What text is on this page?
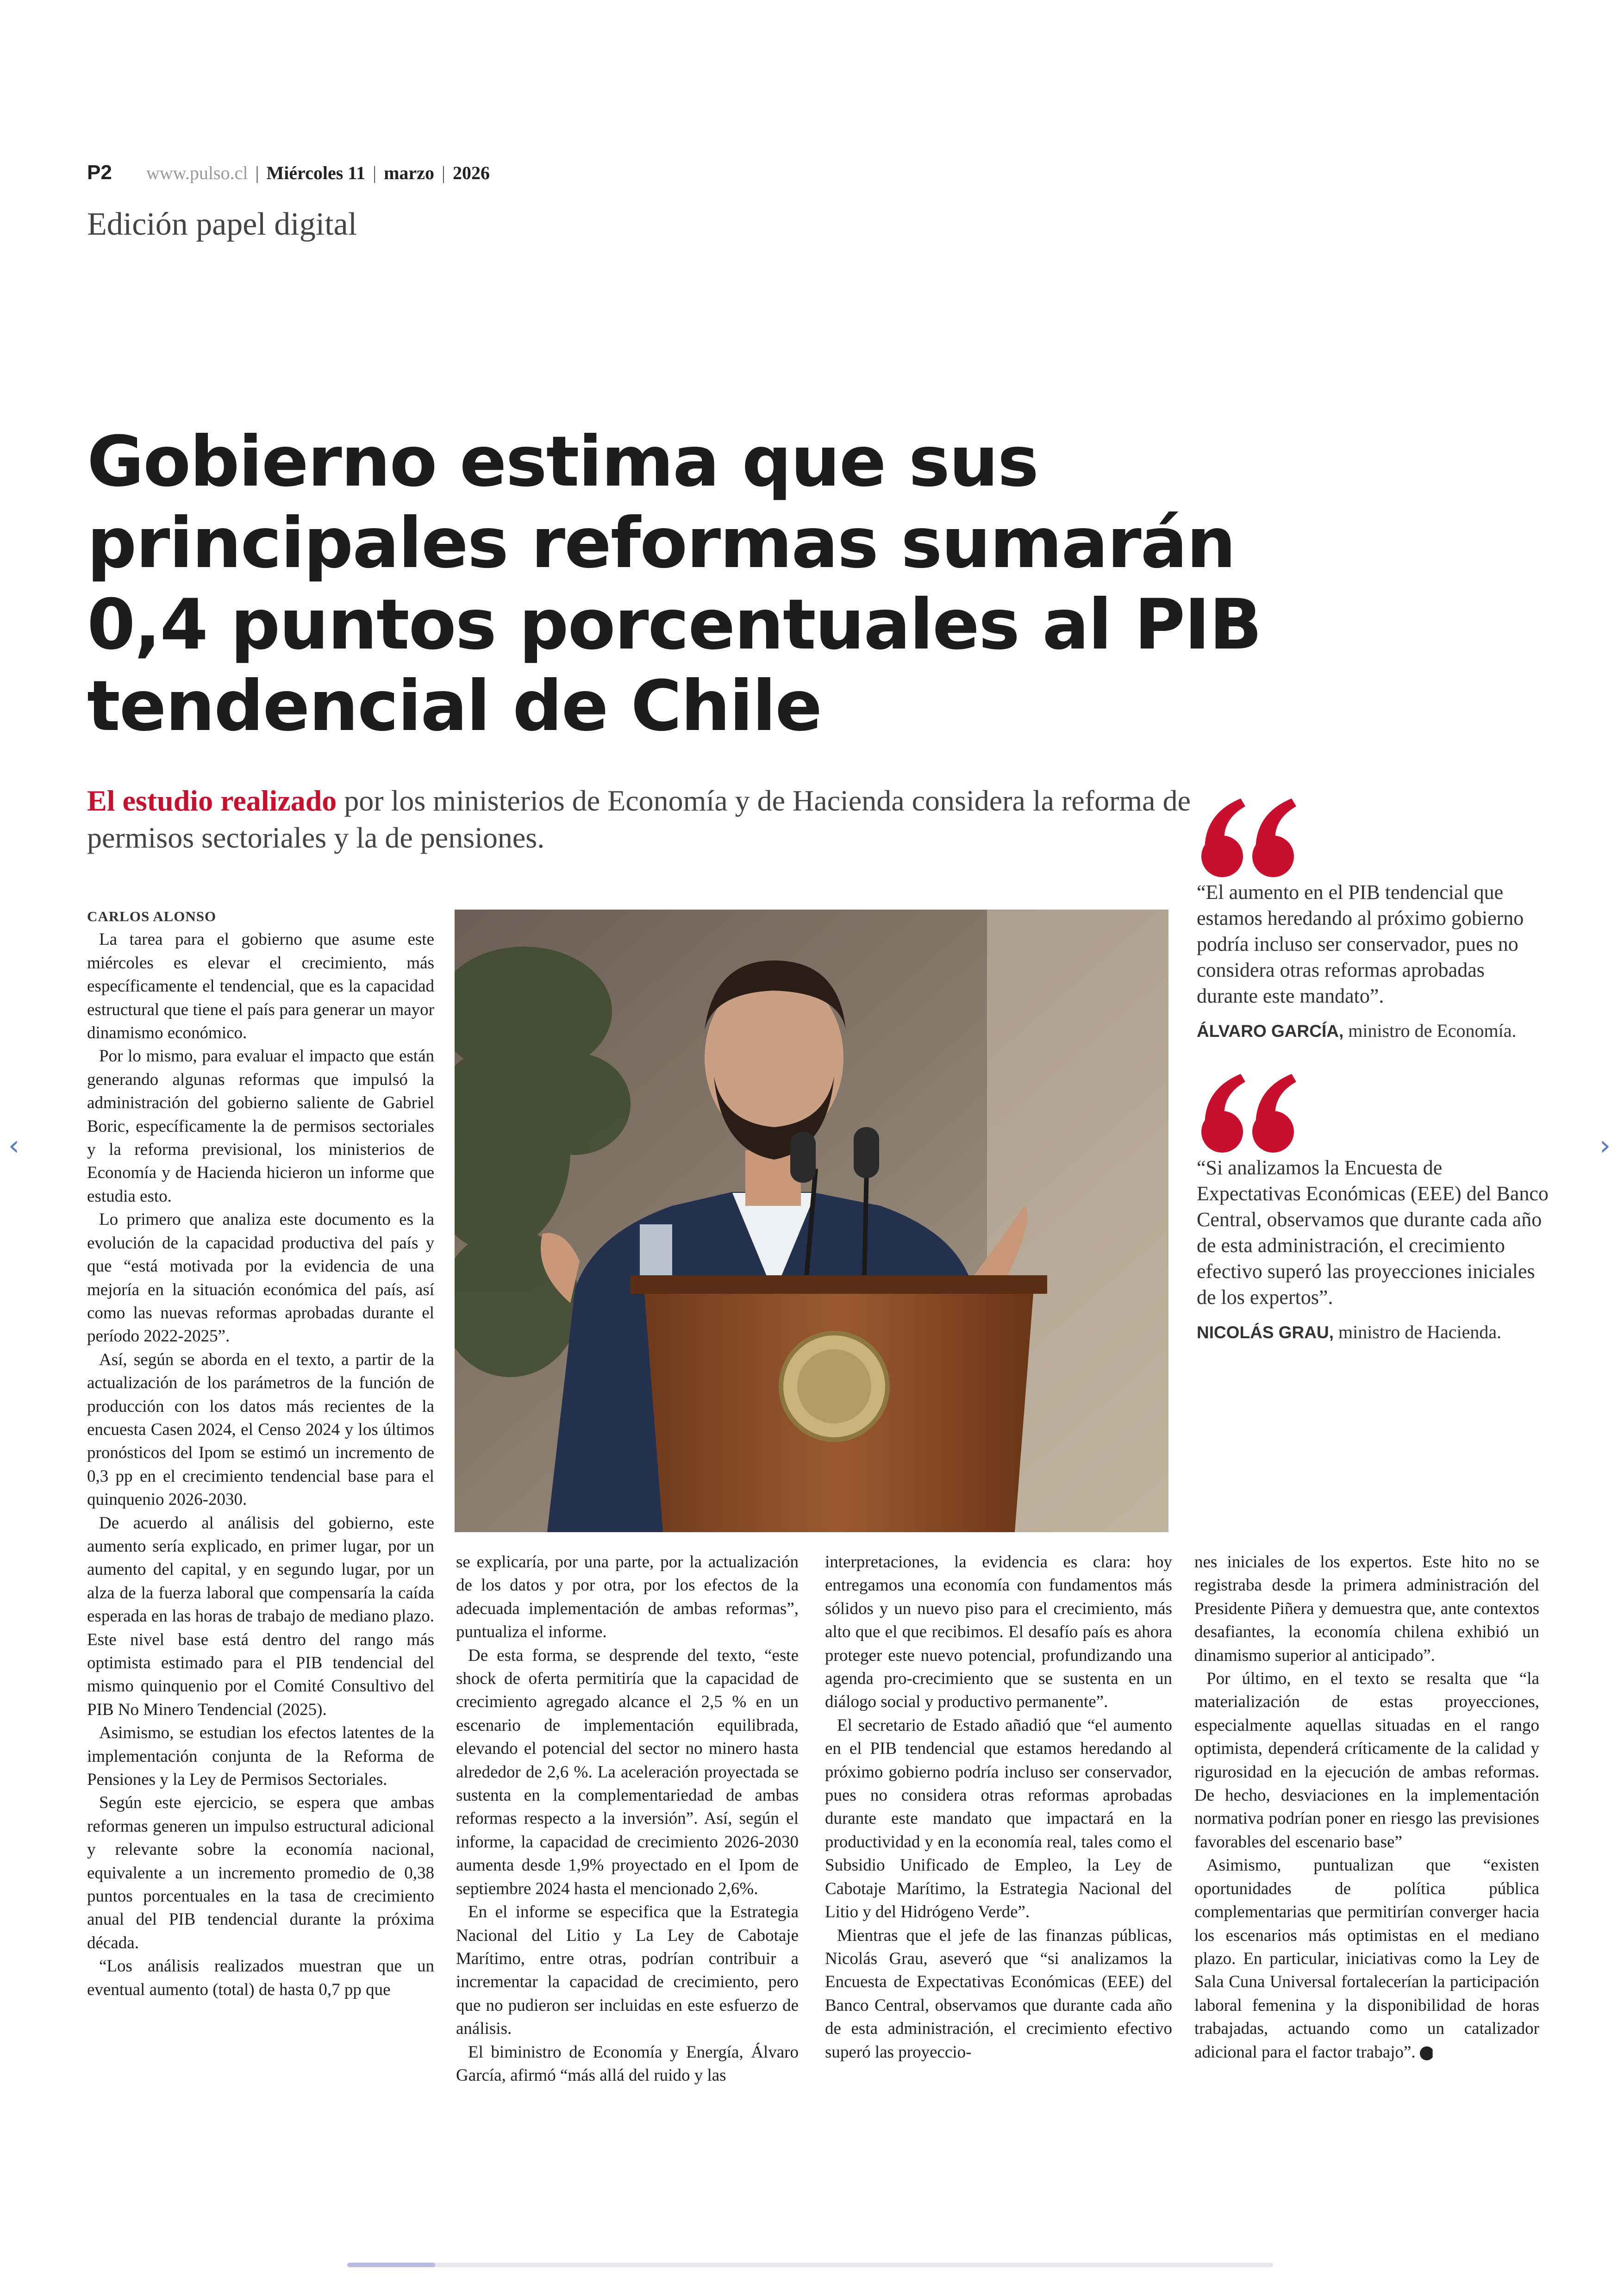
P2 www.pulso.cl | Miércoles 11 | marzo | 2026
Edición papel digital
Gobierno estima que sus
principales reformas sumarán
0,4 puntos porcentuales al PIB
tendencial de Chile
El estudio realizado por los ministerios de Economía y de Hacienda considera la reforma de permisos sectoriales y la de pensiones.

CARLOS ALONSO

La tarea para el gobierno que asume este miércoles es elevar el crecimiento, más específicamente el tendencial, que es la capacidad estructural que tiene el país para generar un mayor dinamismo económico.

Por lo mismo, para evaluar el impacto que están generando algunas reformas que impulsó la administración del gobierno saliente de Gabriel Boric, específicamente la de permisos sectoriales y la reforma previsional, los ministerios de Economía y de Hacienda hicieron un informe que estudia esto.

Lo primero que analiza este documento es la evolución de la capacidad productiva del país y que “está motivada por la evidencia de una mejoría en la situación económica del país, así como las nuevas reformas aprobadas durante el período 2022-2025”.

Así, según se aborda en el texto, a partir de la actualización de los parámetros de la función de producción con los datos más recientes de la encuesta Casen 2024, el Censo 2024 y los últimos pronósticos del Ipom se estimó un incremento de 0,3 pp en el crecimiento tendencial base para el quinquenio 2026-2030.

De acuerdo al análisis del gobierno, este aumento sería explicado, en primer lugar, por un aumento del capital, y en segundo lugar, por un alza de la fuerza laboral que compensaría la caída esperada en las horas de trabajo de mediano plazo. Este nivel base está dentro del rango más optimista estimado para el PIB tendencial del mismo quinquenio por el Comité Consultivo del PIB No Minero Tendencial (2025).

Asimismo, se estudian los efectos latentes de la implementación conjunta de la Reforma de Pensiones y la Ley de Permisos Sectoriales.

Según este ejercicio, se espera que ambas reformas generen un impulso estructural adicional y relevante sobre la economía nacional, equivalente a un incremento promedio de 0,38 puntos porcentuales en la tasa de crecimiento anual del PIB tendencial durante la próxima década.

“Los análisis realizados muestran que un eventual aumento (total) de hasta 0,7 pp que

se explicaría, por una parte, por la actualización de los datos y por otra, por los efectos de la adecuada implementación de ambas reformas”, puntualiza el informe.

De esta forma, se desprende del texto, “este shock de oferta permitiría que la capacidad de crecimiento agregado alcance el 2,5 % en un escenario de implementación equilibrada, elevando el potencial del sector no minero hasta alrededor de 2,6 %. La aceleración proyectada se sustenta en la complementariedad de ambas reformas respecto a la inversión”. Así, según el informe, la capacidad de crecimiento 2026-2030 aumenta desde 1,9% proyectado en el Ipom de septiembre 2024 hasta el mencionado 2,6%.

En el informe se especifica que la Estrategia Nacional del Litio y La Ley de Cabotaje Marítimo, entre otras, podrían contribuir a incrementar la capacidad de crecimiento, pero que no pudieron ser incluidas en este esfuerzo de análisis.

El biministro de Economía y Energía, Álvaro García, afirmó “más allá del ruido y las

interpretaciones, la evidencia es clara: hoy entregamos una economía con fundamentos más sólidos y un nuevo piso para el crecimiento, más alto que el que recibimos. El desafío país es ahora proteger este nuevo potencial, profundizando una agenda pro-crecimiento que se sustenta en un diálogo social y productivo permanente”.

El secretario de Estado añadió que “el aumento en el PIB tendencial que estamos heredando al próximo gobierno podría incluso ser conservador, pues no considera otras reformas aprobadas durante este mandato que impactará en la productividad y en la economía real, tales como el Subsidio Unificado de Empleo, la Ley de Cabotaje Marítimo, la Estrategia Nacional del Litio y del Hidrógeno Verde”.

Mientras que el jefe de las finanzas públicas, Nicolás Grau, aseveró que “si analizamos la Encuesta de Expectativas Económicas (EEE) del Banco Central, observamos que durante cada año de esta administración, el crecimiento efectivo superó las proyeccio-

nes iniciales de los expertos. Este hito no se registraba desde la primera administración del Presidente Piñera y demuestra que, ante contextos desafiantes, la economía chilena exhibió un dinamismo superior al anticipado”.

Por último, en el texto se resalta que “la materialización de estas proyecciones, especialmente aquellas situadas en el rango optimista, dependerá críticamente de la calidad y rigurosidad en la ejecución de ambas reformas. De hecho, desviaciones en la implementación normativa podrían poner en riesgo las previsiones favorables del escenario base”

Asimismo, puntualizan que “existen oportunidades de política pública complementarias que permitirían converger hacia los escenarios más optimistas en el mediano plazo. En particular, iniciativas como la Ley de Sala Cuna Universal fortalecerían la participación laboral femenina y la disponibilidad de horas trabajadas, actuando como un catalizador adicional para el factor trabajo”. P

“El aumento en el PIB tendencial que estamos heredando al próximo gobierno podría incluso ser conservador, pues no considera otras reformas aprobadas durante este mandato”.

ÁLVARO GARCÍA, ministro de Economía.

“Si analizamos la Encuesta de Expectativas Económicas (EEE) del Banco Central, observamos que durante cada año de esta administración, el crecimiento efectivo superó las proyecciones iniciales de los expertos”.

NICOLÁS GRAU, ministro de Hacienda.
‹	›
